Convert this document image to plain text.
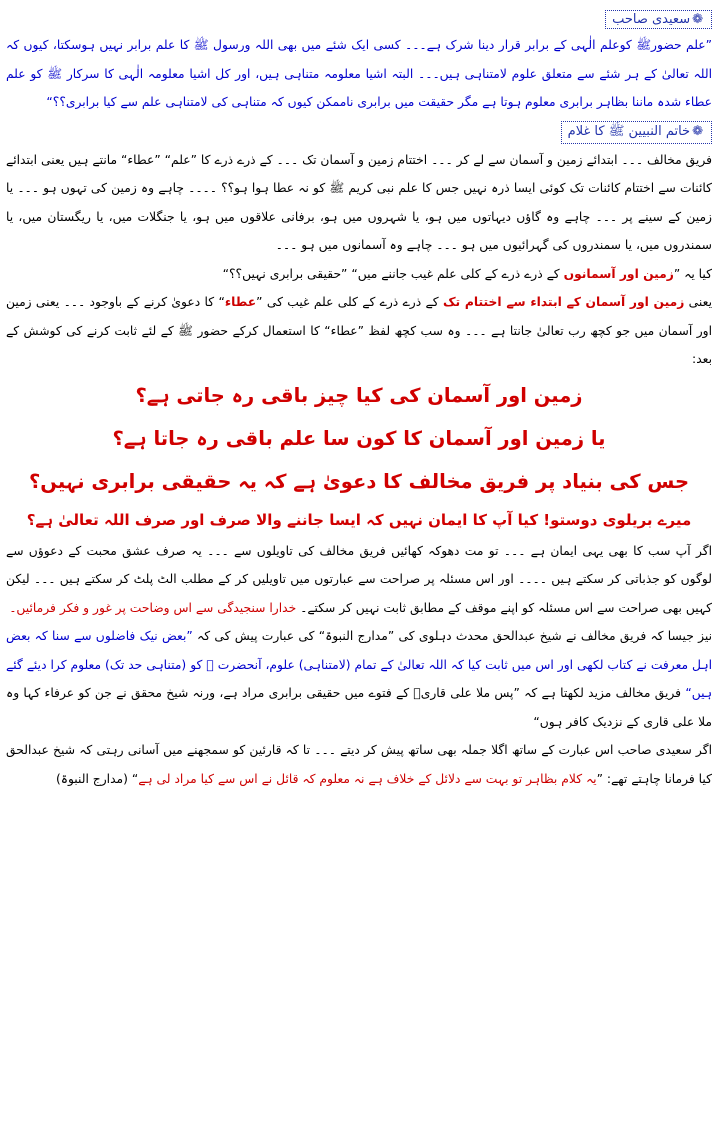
❁سعیدی صاحب

”علم حضورﷺ کوعلم الٰہی کے برابر قرار دینا شرک ہے۔۔۔ کسی ایک شئے میں بھی اللہ ورسول ﷺ کا علم برابر نہیں ہوسکتا، کیوں کہ اللہ تعالیٰ کے ہر شئے سے متعلق علوم لامتناہی ہیں۔۔۔ البتہ اشیا معلومہ متناہی ہیں، اور کل اشیا معلومہ الٰہی کا سرکار ﷺ کو علم عطاء شدہ ماننا بظاہر برابری معلوم ہوتا ہے مگر حقیقت میں برابری ناممکن کیوں کہ متناہی کی لامتناہی علم سے کیا برابری؟؟“

❁خاتم النبیین ﷺ کا غلام

فریق مخالف ۔۔۔ ابتدائے زمین و آسمان سے لے کر ۔۔۔ اختتام زمین و آسمان تک ۔۔۔ کے ذرے ذرے کا ”علم“ ”عطاء“ مانتے ہیں یعنی ابتدائے کائنات سے اختتام کائنات تک کوئی ایسا ذرہ نہیں جس کا علم نبی کریم ﷺ کو نہ عطا ہوا ہو؟؟ ۔۔۔۔ چاہے وہ زمین کی تہوں ہو ۔۔۔ یا زمین کے سینے پر ۔۔۔ چاہے وہ گاؤں دیہاتوں میں ہو، یا شہروں میں ہو، برفانی علاقوں میں ہو، یا جنگلات میں، یا ریگستان میں، یا سمندروں میں، یا سمندروں کی گہرائیوں میں ہو ۔۔۔ چاہے وہ آسمانوں میں ہو ۔۔۔

کیا یہ ”زمین اور آسمانوں کے ذرے ذرے کے کلی علم غیب جاننے میں“ ”حقیقی برابری نہیں؟؟“

یعنی زمین اور آسمان کے ابتداء سے اختتام تک کے ذرے ذرے کے کلی علم غیب کی ”عطاء“ کا دعویٰ کرنے کے باوجود ۔۔۔ یعنی زمین اور آسمان میں جو کچھ رب تعالیٰ جانتا ہے ۔۔۔ وہ سب کچھ لفظ ”عطاء“ کا استعمال کرکے حضور ﷺ کے لئے ثابت کرنے کی کوشش کے بعد:

زمین اور آسمان کی کیا چیز باقی رہ جاتی ہے؟

یا زمین اور آسمان کا کون سا علم باقی رہ جاتا ہے؟

جس کی بنیاد پر فریق مخالف کا دعویٰ ہے کہ یہ حقیقی برابری نہیں؟

میرے بریلوی دوستو! کیا آپ کا ایمان نہیں کہ ایسا جاننے والا صرف اور صرف اللہ تعالیٰ ہے؟

اگر آپ سب کا بھی یہی ایمان ہے ۔۔۔ تو مت دھوکہ کھائیں فریق مخالف کی تاویلوں سے ۔۔۔ یہ صرف عشق محبت کے دعوؤں سے لوگوں کو جذباتی کر سکتے ہیں ۔۔۔۔ اور اس مسئلہ پر صراحت سے عبارتوں میں تاویلیں کر کے مطلب الٹ پلٹ کر سکتے ہیں ۔۔۔ لیکن کہیں بھی صراحت سے اس مسئلہ کو اپنے موقف کے مطابق ثابت نہیں کر سکتے۔ خدارا سنجیدگی سے اس وضاحت پر غور و فکر فرمائیں۔

نیز جیسا کہ فریق مخالف نے شیخ عبدالحق محدث دہلوی کی ”مدارج النبوۃ“ کی عبارت پیش کی کہ ”بعض نیک فاضلوں سے سنا کہ بعض اہل معرفت نے کتاب لکھی اور اس میں ثابت کیا کہ اللہ تعالیٰ کے تمام (لامتناہی) علوم، آنحضرت ﷺ کو (متناہی حد تک) معلوم کرا دیئے گئے ہیں“ فریق مخالف مزید لکھتا ہے کہ ”پس ملا علی قاریؒ کے فتوے میں حقیقی برابری مراد ہے، ورنہ شیخ محقق نے جن کو عرفاء کہا وہ ملا علی قاری کے نزدیک کافر ہوں“

اگر سعیدی صاحب اس عبارت کے ساتھ اگلا جملہ بھی ساتھ پیش کر دیتے ۔۔۔ تا کہ قارئین کو سمجھنے میں آسانی رہتی کہ شیخ عبدالحق کیا فرمانا چاہتے تھے: ”یہ کلام بظاہر تو بہت سے دلائل کے خلاف ہے نہ معلوم کہ قائل نے اس سے کیا مراد لی ہے“ (مدارج النبوۃ)
